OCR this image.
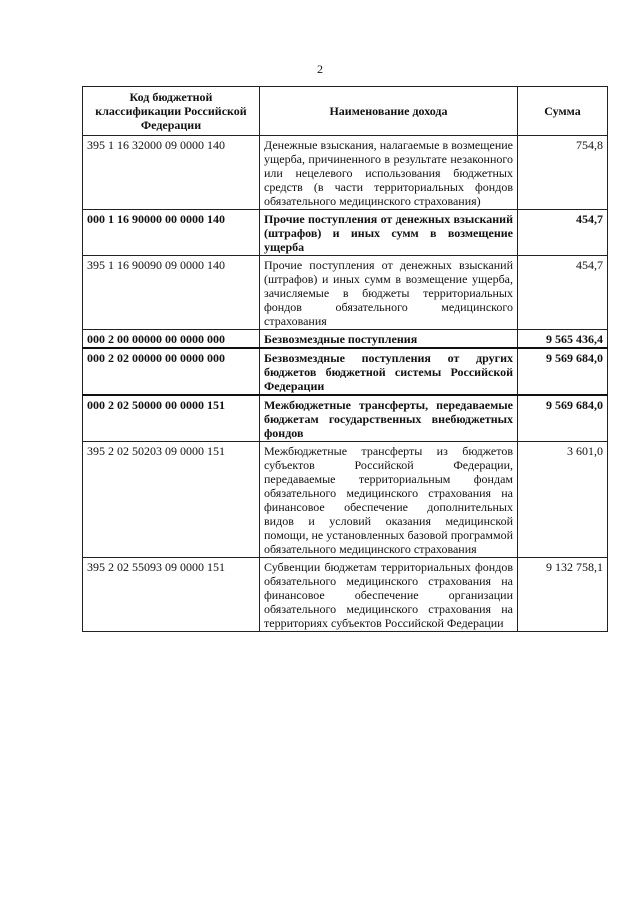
2
Код бюджетной классификации Российской Федерации	Наименование дохода	Сумма
395 1 16 32000 09 0000 140	Денежные взыскания, налагаемые в возмещение ущерба, причиненного в результате незаконного или нецелевого использования бюджетных средств (в части территориальных фондов обязательного медицинского страхования)	754,8
000 1 16 90000 00 0000 140	Прочие поступления от денежных взысканий (штрафов) и иных сумм в возмещение ущерба	454,7
395 1 16 90090 09 0000 140	Прочие поступления от денежных взысканий (штрафов) и иных сумм в возмещение ущерба, зачисляемые в бюджеты территориальных фондов обязательного медицинского страхования	454,7
000 2 00 00000 00 0000 000	Безвозмездные поступления	9 565 436,4
000 2 02 00000 00 0000 000	Безвозмездные поступления от других бюджетов бюджетной системы Российской Федерации	9 569 684,0
000 2 02 50000 00 0000 151	Межбюджетные трансферты, передаваемые бюджетам государственных внебюджетных фондов	9 569 684,0
395 2 02 50203 09 0000 151	Межбюджетные трансферты из бюджетов субъектов Российской Федерации, передаваемые территориальным фондам обязательного медицинского страхования на финансовое обеспечение дополнительных видов и условий оказания медицинской помощи, не установленных базовой программой обязательного медицинского страхования	3 601,0
395 2 02 55093 09 0000 151	Субвенции бюджетам территориальных фондов обязательного медицинского страхования на финансовое обеспечение организации обязательного медицинского страхования на территориях субъектов Российской Федерации	9 132 758,1
